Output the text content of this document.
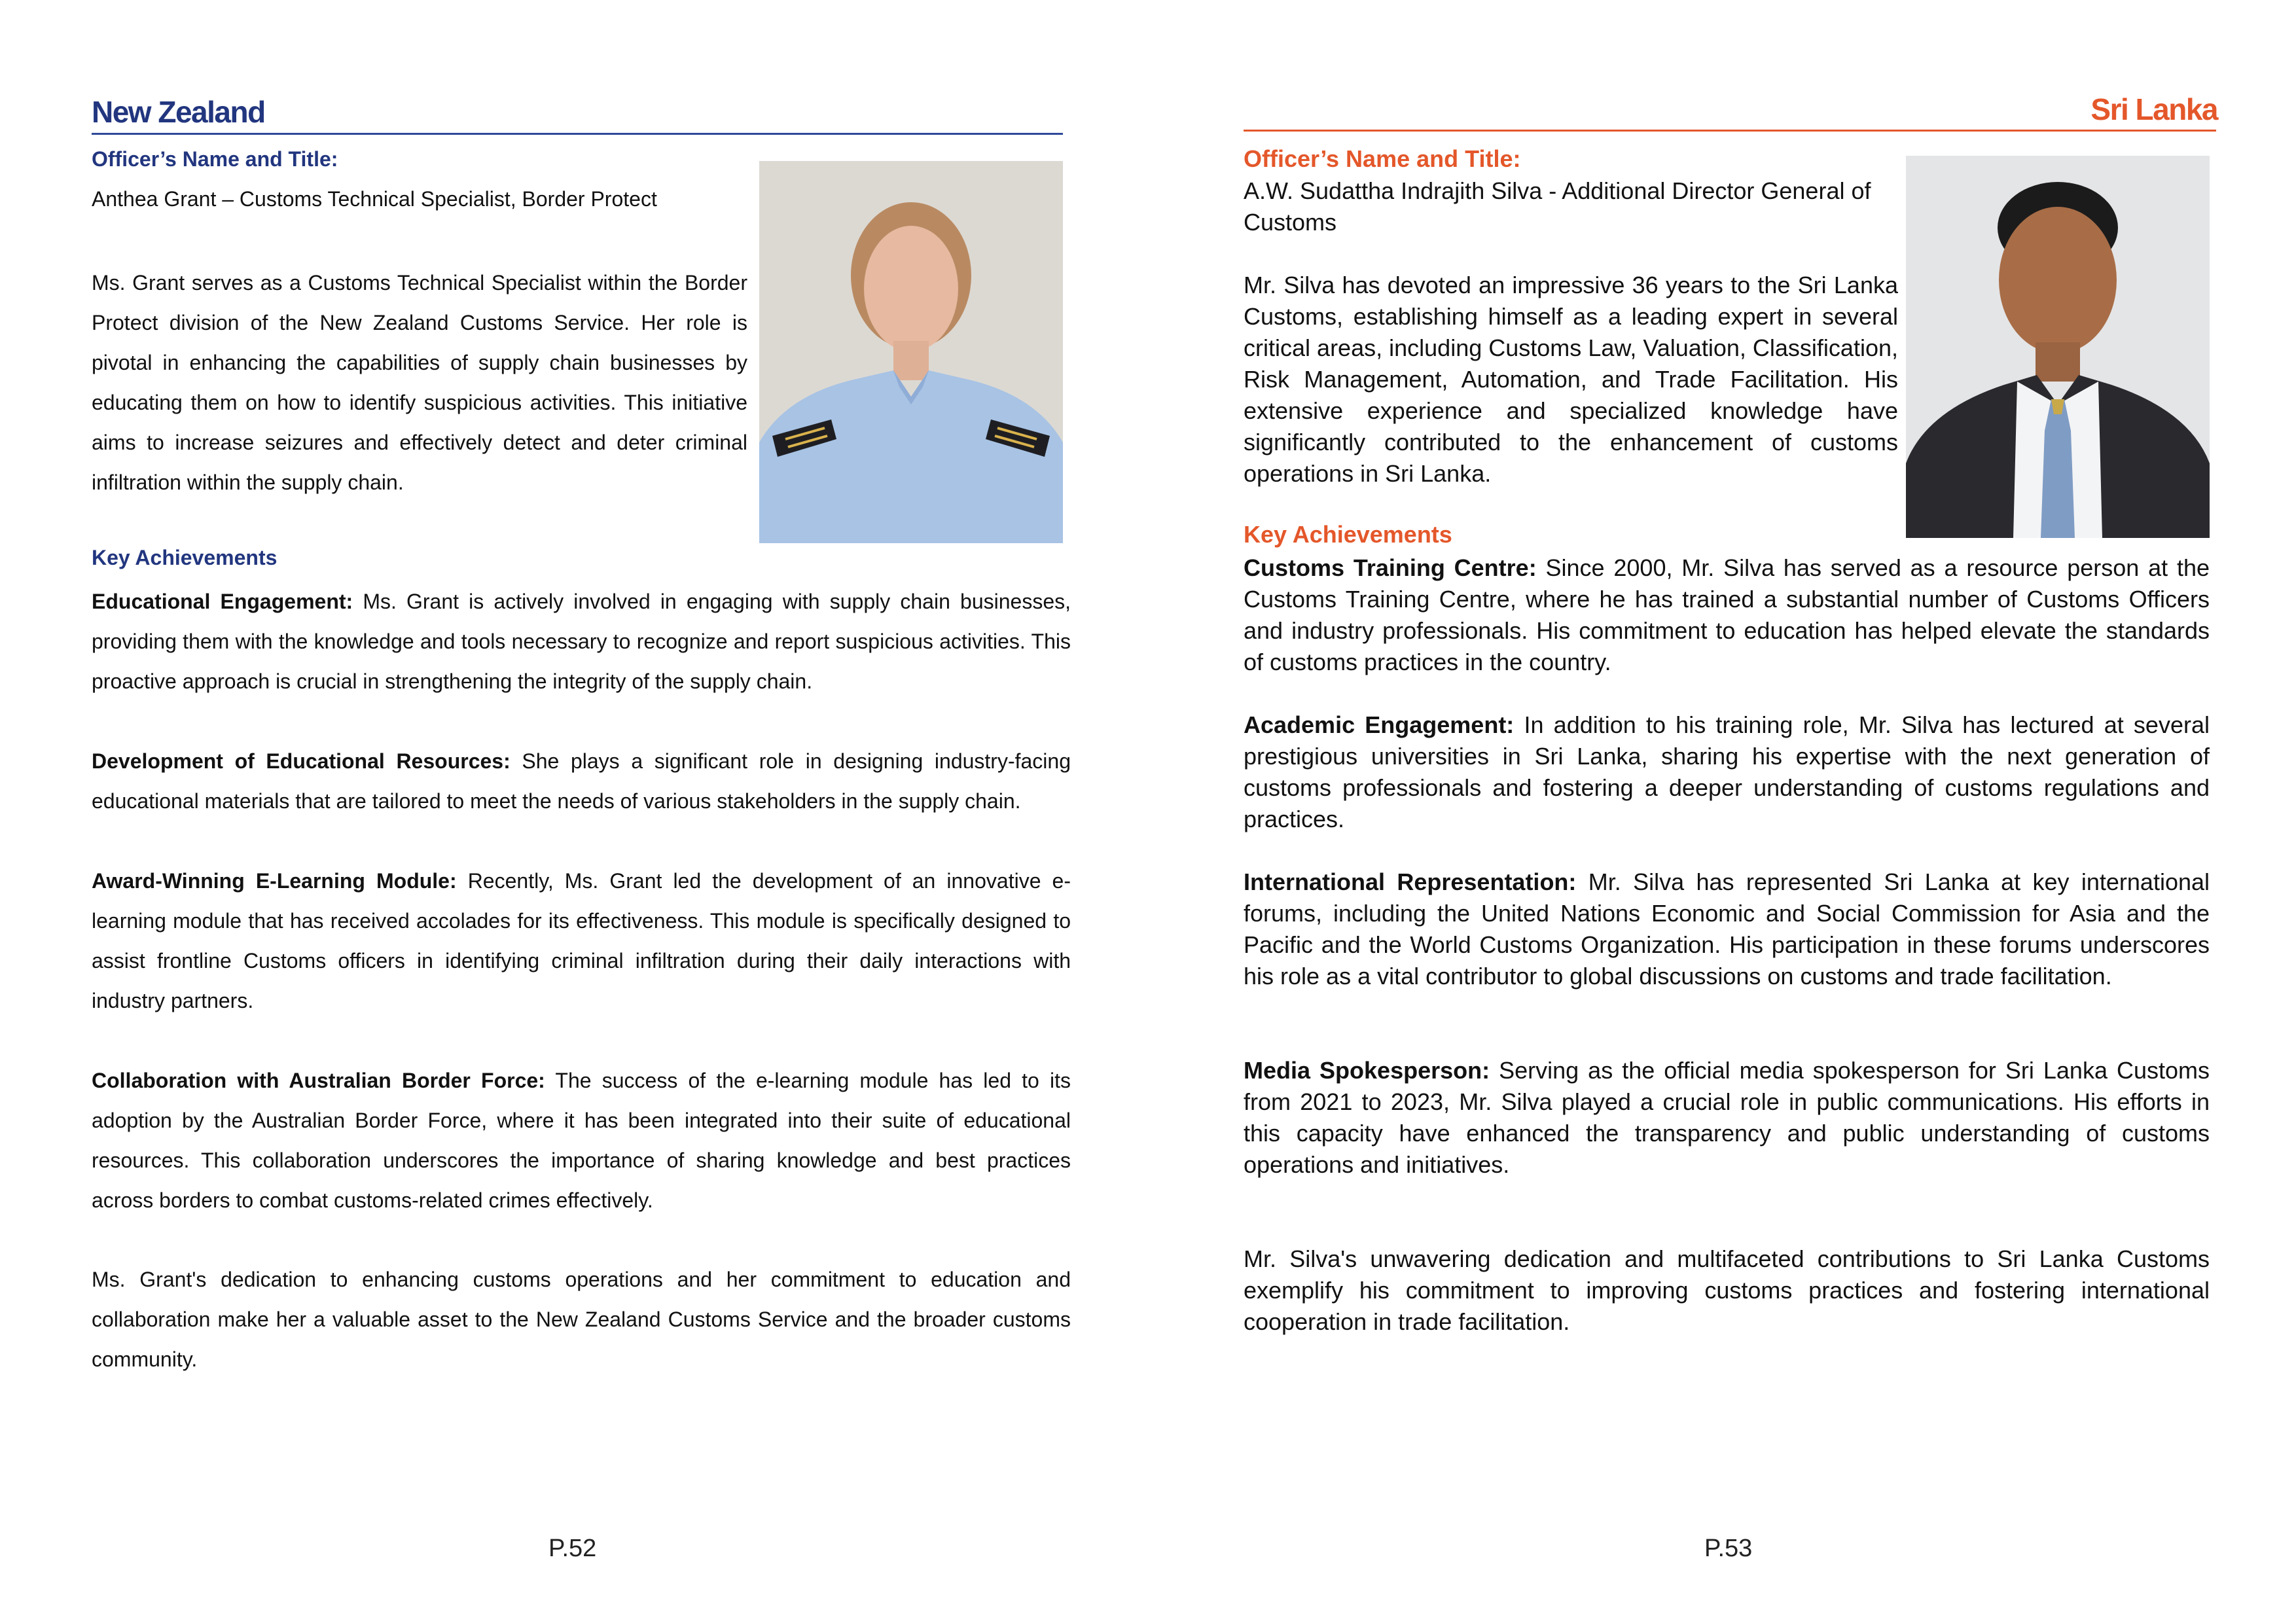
New Zealand
Officer’s Name and Title:
Anthea Grant – Customs Technical Specialist, Border Protect

Ms. Grant serves as a Customs Technical Specialist within the Border Protect division of the New Zealand Customs Service. Her role is pivotal in enhancing the capabilities of supply chain businesses by educating them on how to identify suspicious activities. This initiative aims to increase seizures and effectively detect and deter criminal infiltration within the supply chain.

Key Achievements

Educational Engagement: Ms. Grant is actively involved in engaging with supply chain businesses, providing them with the knowledge and tools necessary to recognize and report suspicious activities. This proactive approach is crucial in strengthening the integrity of the supply chain.

Development of Educational Resources: She plays a significant role in designing industry-facing educational materials that are tailored to meet the needs of various stakeholders in the supply chain.

Award-Winning E-Learning Module: Recently, Ms. Grant led the development of an innovative e-learning module that has received accolades for its effectiveness. This module is specifically designed to assist frontline Customs officers in identifying criminal infiltration during their daily interactions with industry partners.

Collaboration with Australian Border Force: The success of the e-learning module has led to its adoption by the Australian Border Force, where it has been integrated into their suite of educational resources. This collaboration underscores the importance of sharing knowledge and best practices across borders to combat customs-related crimes effectively.

Ms. Grant's dedication to enhancing customs operations and her commitment to education and collaboration make her a valuable asset to the New Zealand Customs Service and the broader customs community.

P.52
Sri Lanka
Officer’s Name and Title:

A.W. Sudattha Indrajith Silva - Additional Director General of Customs

Mr. Silva has devoted an impressive 36 years to the Sri Lanka Customs, establishing himself as a leading expert in several critical areas, including Customs Law, Valuation, Classification, Risk Management, Automation, and Trade Facilitation. His extensive experience and specialized knowledge have significantly contributed to the enhancement of customs operations in Sri Lanka.

Key Achievements

Customs Training Centre: Since 2000, Mr. Silva has served as a resource person at the Customs Training Centre, where he has trained a substantial number of Customs Officers and industry professionals. His commitment to education has helped elevate the standards of customs practices in the country.

Academic Engagement: In addition to his training role, Mr. Silva has lectured at several prestigious universities in Sri Lanka, sharing his expertise with the next generation of customs professionals and fostering a deeper understanding of customs regulations and practices.

International Representation: Mr. Silva has represented Sri Lanka at key international forums, including the United Nations Economic and Social Commission for Asia and the Pacific and the World Customs Organization. His participation in these forums underscores his role as a vital contributor to global discussions on customs and trade facilitation.

Media Spokesperson: Serving as the official media spokesperson for Sri Lanka Customs from 2021 to 2023, Mr. Silva played a crucial role in public communications. His efforts in this capacity have enhanced the transparency and public understanding of customs operations and initiatives.

Mr. Silva's unwavering dedication and multifaceted contributions to Sri Lanka Customs exemplify his commitment to improving customs practices and fostering international cooperation in trade facilitation.

P.53
